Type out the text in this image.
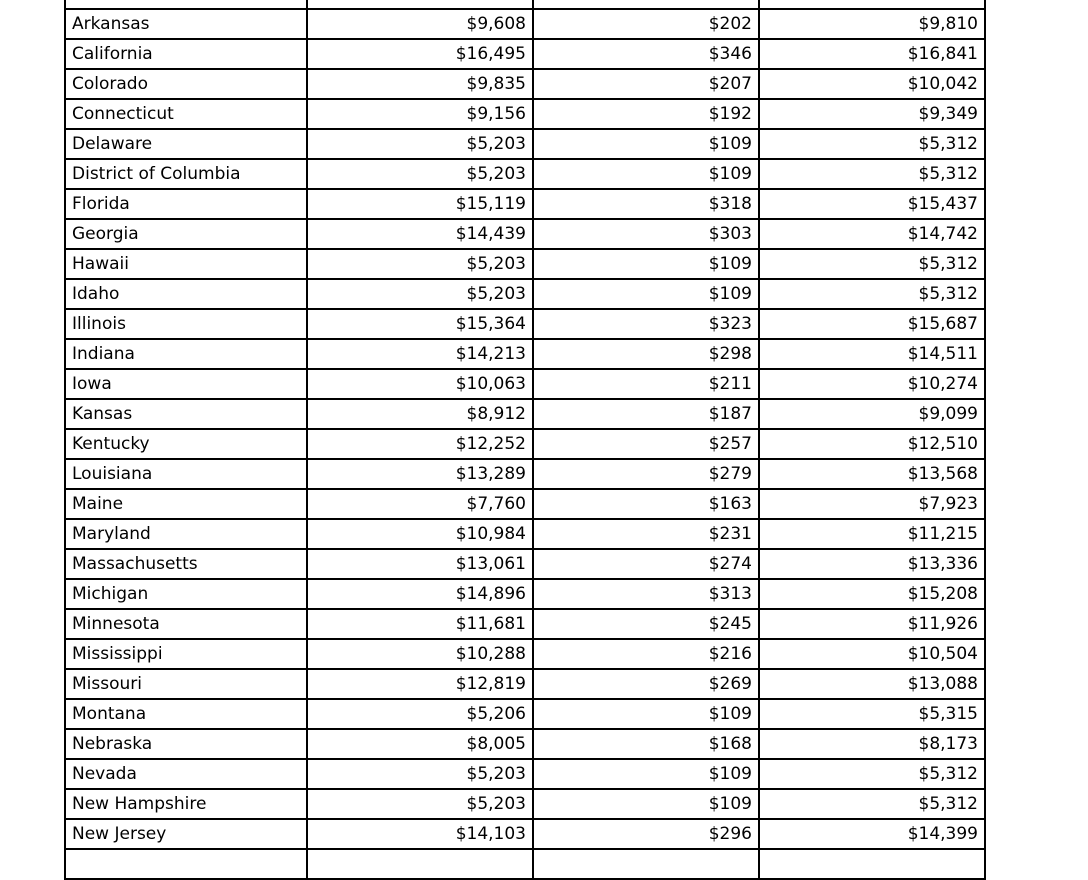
Arkansas	$9,608	$202	$9,810
California	$16,495	$346	$16,841
Colorado	$9,835	$207	$10,042
Connecticut	$9,156	$192	$9,349
Delaware	$5,203	$109	$5,312
District of Columbia	$5,203	$109	$5,312
Florida	$15,119	$318	$15,437
Georgia	$14,439	$303	$14,742
Hawaii	$5,203	$109	$5,312
Idaho	$5,203	$109	$5,312
Illinois	$15,364	$323	$15,687
Indiana	$14,213	$298	$14,511
Iowa	$10,063	$211	$10,274
Kansas	$8,912	$187	$9,099
Kentucky	$12,252	$257	$12,510
Louisiana	$13,289	$279	$13,568
Maine	$7,760	$163	$7,923
Maryland	$10,984	$231	$11,215
Massachusetts	$13,061	$274	$13,336
Michigan	$14,896	$313	$15,208
Minnesota	$11,681	$245	$11,926
Mississippi	$10,288	$216	$10,504
Missouri	$12,819	$269	$13,088
Montana	$5,206	$109	$5,315
Nebraska	$8,005	$168	$8,173
Nevada	$5,203	$109	$5,312
New Hampshire	$5,203	$109	$5,312
New Jersey	$14,103	$296	$14,399
